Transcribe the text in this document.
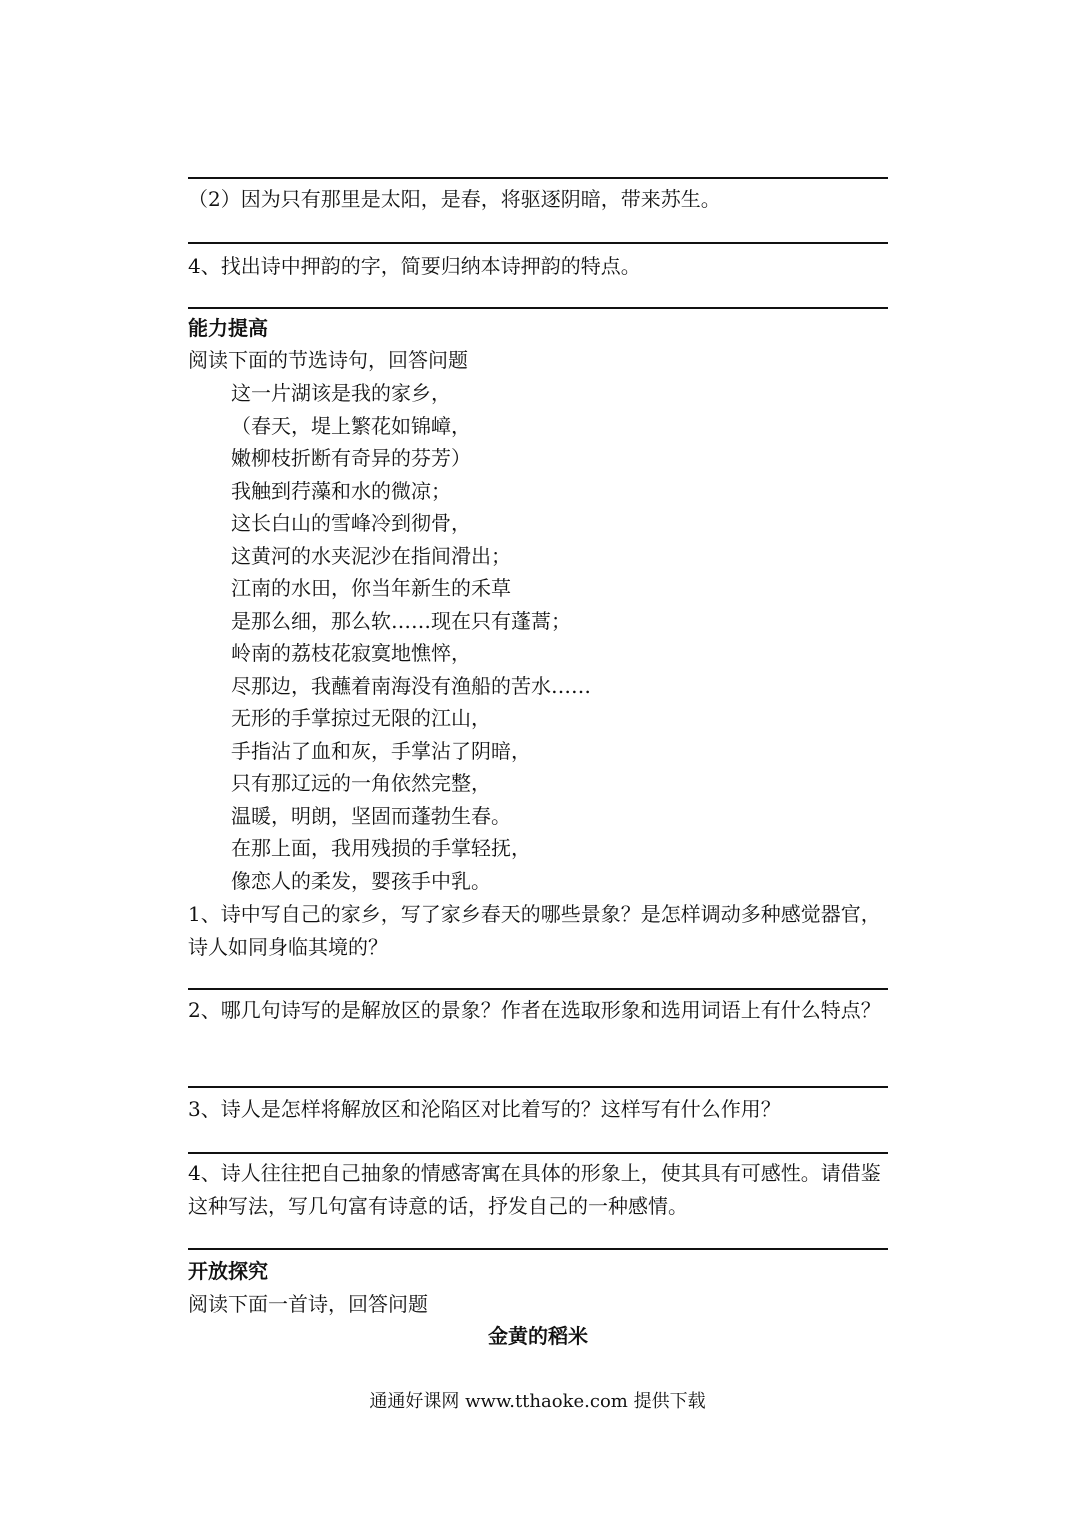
（2）因为只有那里是太阳，是春，将驱逐阴暗，带来苏生。
4、找出诗中押韵的字，简要归纳本诗押韵的特点。
能力提高
阅读下面的节选诗句，回答问题
这一片湖该是我的家乡，
（春天，堤上繁花如锦嶂，
嫩柳枝折断有奇异的芬芳）
我触到荇藻和水的微凉；
这长白山的雪峰冷到彻骨，
这黄河的水夹泥沙在指间滑出；
江南的水田，你当年新生的禾草
是那么细，那么软……现在只有蓬蒿；
岭南的荔枝花寂寞地憔悴，
尽那边，我蘸着南海没有渔船的苦水……
无形的手掌掠过无限的江山，
手指沾了血和灰，手掌沾了阴暗，
只有那辽远的一角依然完整，
温暖，明朗，坚固而蓬勃生春。
在那上面，我用残损的手掌轻抚，
像恋人的柔发，婴孩手中乳。
1、诗中写自己的家乡，写了家乡春天的哪些景象？是怎样调动多种感觉器官，诗人如同身临其境的？
2、哪几句诗写的是解放区的景象？作者在选取形象和选用词语上有什么特点？
3、诗人是怎样将解放区和沦陷区对比着写的？这样写有什么作用？
4、诗人往往把自己抽象的情感寄寓在具体的形象上，使其具有可感性。请借鉴这种写法，写几句富有诗意的话，抒发自己的一种感情。
开放探究
阅读下面一首诗，回答问题
金黄的稻米
通通好课网 www.tthaoke.com 提供下载
